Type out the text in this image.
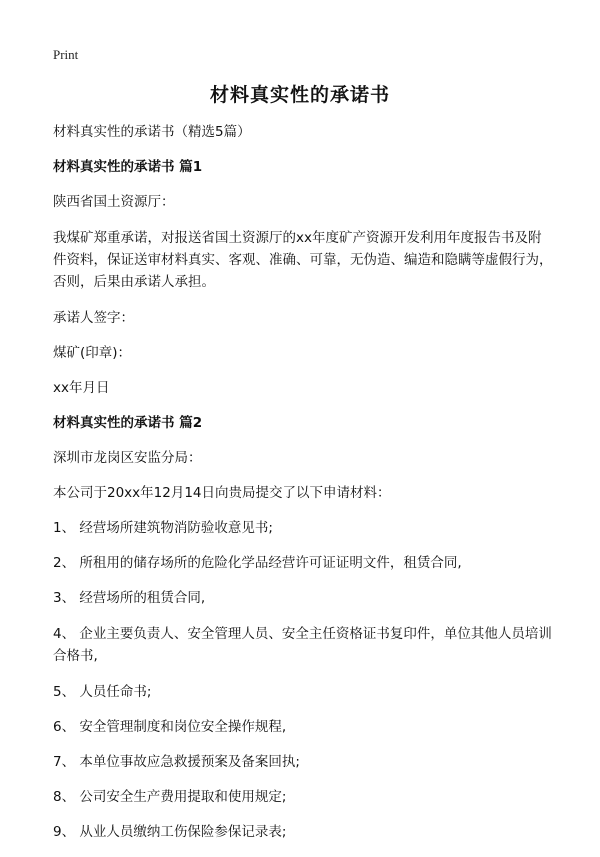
Print
材料真实性的承诺书

材料真实性的承诺书（精选5篇）

材料真实性的承诺书 篇1

陕西省国土资源厅：

我煤矿郑重承诺，对报送省国土资源厅的xx年度矿产资源开发利用年度报告书及附件资料，保证送审材料真实、客观、准确、可靠，无伪造、编造和隐瞒等虚假行为，否则，后果由承诺人承担。

承诺人签字：

煤矿(印章)：

xx年月日

材料真实性的承诺书 篇2

深圳市龙岗区安监分局：

本公司于20xx年12月14日向贵局提交了以下申请材料：

1、 经营场所建筑物消防验收意见书;

2、 所租用的储存场所的危险化学品经营许可证证明文件，租赁合同,

3、 经营场所的租赁合同,

4、 企业主要负责人、安全管理人员、安全主任资格证书复印件，单位其他人员培训合格书,

5、 人员任命书;

6、 安全管理制度和岗位安全操作规程,

7、 本单位事故应急救援预案及备案回执;

8、 公司安全生产费用提取和使用规定;

9、 从业人员缴纳工伤保险参保记录表;
